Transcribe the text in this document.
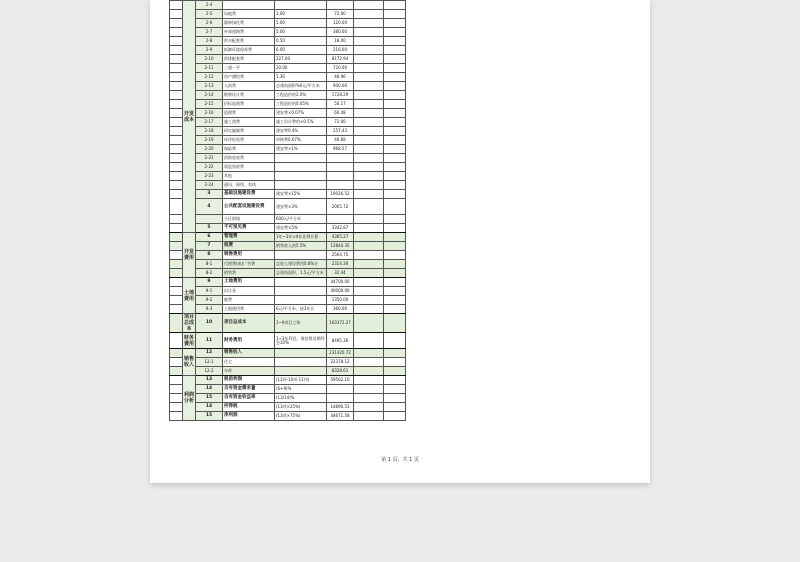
	开发成本	2-4					
		2-5	场地费	3.00	72.00		
		2-6	圆林绿化费	5.00	120.00		
		2-7	外部道路费	5.00	380.00		
		2-8	供水配套费	0.50	18.00		
		2-9	抵御环境保养费	6.00	216.00		
		2-10	供排配套费	227.00	8172.94		
		2-11	三通一平	20.00	720.00		
		2-12	房产测绘费	1.36	48.96		
		2-13	人防费	总建筑面积%0元/平方米	900.00		
		2-14	勘察设计费	工程造价的2.0%	1728.29		
		2-15	招标监理费	工程造价的0.05%	50.17		
		2-16	监理费	建安费×0.07%	60.48		
		2-17	施工图费	施工设计费的×0.5%	72.00		
		2-18	研究编制费	建安费0.4%	257.43		
		2-19	环评检验费	审核费0.07%	46.68		
		2-20	保险费	建安费×1%	968.57		
		2-21	消防验收费				
		2-22	质监验收费				
		2-23	其他				
		2-24	通讯、网络、有线				
		3	基础设施建设费	建安费×15%	19026.52		
		4	公共配套设施建设费	建安费×3%	2005.72		
			小区围墙	600元/平方米			
		5	不可预见费	建安费×5%	3342.87		
	开发费用	6	管理费	1年~3年×4年比例计算	4365.27		
		7	税费	销售收入的5.5%	12844.35		
		8	销售费用		2564.75		
		8-1	代理费(或)广告费	总收入建设费用0.8%计	2314.30		
		8-2	销售费	总建筑面积，1.5元/平方米	32.44		
	土地费用	9	土地费用		44700.00		
		9-1	出让金		40000.00		
		9-2	税费		1350.00		
		9-3	土地使用费	6元/平方米，按3年计	360.00		
	项目总成本	10	项目总成本	1~9项目之和	163372.27		
	财务费用	11	财务费用	1~3年利息，借款建设期利息10%	8495.36		
	销售收入	12	销售收入		231420.72		
		12-1	住宅		22378.12		
		12-2	车库		8328.61		
	利润分析	13	税前利润	(12项-10项-11项)	59562.10		
		14	自有资金需求量	(6+9)%			
		15	自有资金收益率	(13/14)%			
		14	所得税	(13项×25%)	14890.53		
		15	净利润	(13项×75%)	44671.58		
第 1 页，共 1 页
